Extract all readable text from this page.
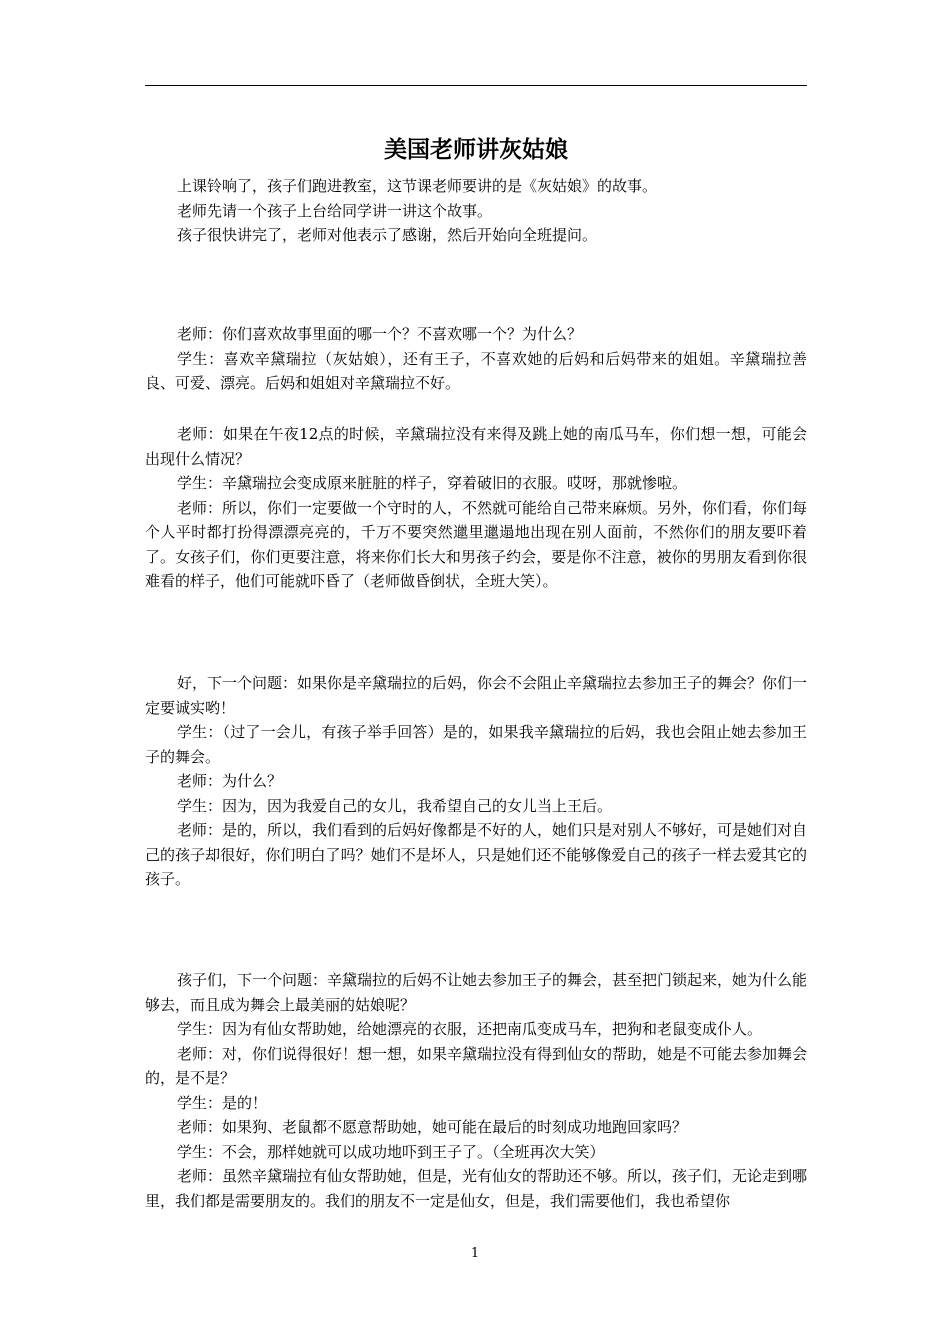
美国老师讲灰姑娘

上课铃响了，孩子们跑进教室，这节课老师要讲的是《灰姑娘》的故事。

老师先请一个孩子上台给同学讲一讲这个故事。

孩子很快讲完了，老师对他表示了感谢，然后开始向全班提问。

老师：你们喜欢故事里面的哪一个？不喜欢哪一个？为什么？

学生：喜欢辛黛瑞拉（灰姑娘），还有王子，不喜欢她的后妈和后妈带来的姐姐。辛黛瑞拉善良、可爱、漂亮。后妈和姐姐对辛黛瑞拉不好。

老师：如果在午夜12点的时候，辛黛瑞拉没有来得及跳上她的南瓜马车，你们想一想，可能会出现什么情况？

学生：辛黛瑞拉会变成原来脏脏的样子，穿着破旧的衣服。哎呀，那就惨啦。

老师：所以，你们一定要做一个守时的人，不然就可能给自己带来麻烦。另外，你们看，你们每个人平时都打扮得漂漂亮亮的，千万不要突然邋里邋遢地出现在别人面前，不然你们的朋友要吓着了。女孩子们，你们更要注意，将来你们长大和男孩子约会，要是你不注意，被你的男朋友看到你很难看的样子，他们可能就吓昏了（老师做昏倒状，全班大笑）。

好，下一个问题：如果你是辛黛瑞拉的后妈，你会不会阻止辛黛瑞拉去参加王子的舞会？你们一定要诚实哟！

学生：（过了一会儿，有孩子举手回答）是的，如果我辛黛瑞拉的后妈，我也会阻止她去参加王子的舞会。

老师：为什么？

学生：因为，因为我爱自己的女儿，我希望自己的女儿当上王后。

老师：是的，所以，我们看到的后妈好像都是不好的人，她们只是对别人不够好，可是她们对自己的孩子却很好，你们明白了吗？她们不是坏人，只是她们还不能够像爱自己的孩子一样去爱其它的孩子。

孩子们，下一个问题：辛黛瑞拉的后妈不让她去参加王子的舞会，甚至把门锁起来，她为什么能够去，而且成为舞会上最美丽的姑娘呢？

学生：因为有仙女帮助她，给她漂亮的衣服，还把南瓜变成马车，把狗和老鼠变成仆人。

老师：对，你们说得很好！想一想，如果辛黛瑞拉没有得到仙女的帮助，她是不可能去参加舞会的，是不是？

学生：是的！

老师：如果狗、老鼠都不愿意帮助她，她可能在最后的时刻成功地跑回家吗？

学生：不会，那样她就可以成功地吓到王子了。（全班再次大笑）

老师：虽然辛黛瑞拉有仙女帮助她，但是，光有仙女的帮助还不够。所以，孩子们，无论走到哪里，我们都是需要朋友的。我们的朋友不一定是仙女，但是，我们需要他们，我也希望你

1
